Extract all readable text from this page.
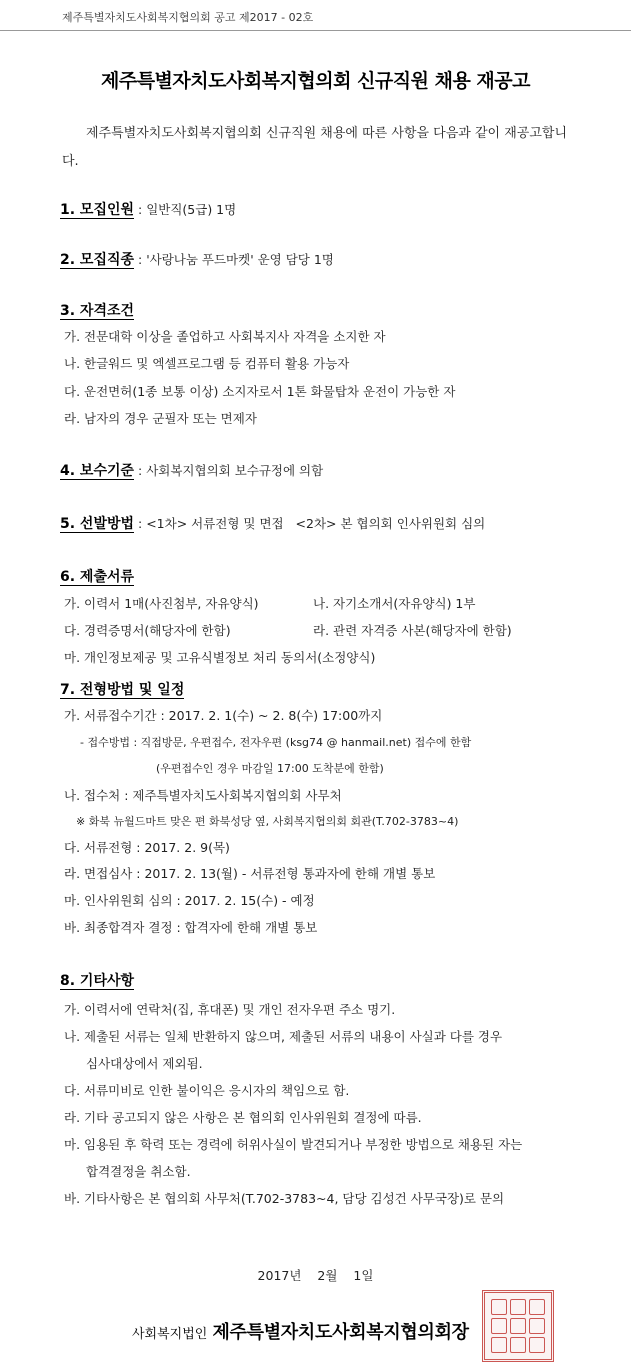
제주특별자치도사회복지협의회 공고 제2017 - 02호
제주특별자치도사회복지협의회 신규직원 채용 재공고
제주특별자치도사회복지협의회 신규직원 채용에 따른 사항을 다음과 같이 재공고합니다.
1. 모집인원 : 일반직(5급) 1명
2. 모집직종 : '사랑나눔 푸드마켓' 운영 담당 1명
3. 자격조건
가. 전문대학 이상을 졸업하고 사회복지사 자격을 소지한 자
나. 한글워드 및 엑셀프로그램 등 컴퓨터 활용 가능자
다. 운전면허(1종 보통 이상) 소지자로서 1톤 화물탑차 운전이 가능한 자
라. 남자의 경우 군필자 또는 면제자
4. 보수기준 : 사회복지협의회 보수규정에 의함
5. 선발방법 : <1차> 서류전형 및 면접   <2차> 본 협의회 인사위원회 심의
6. 제출서류
가. 이력서 1매(사진첨부, 자유양식)	나. 자기소개서(자유양식) 1부
다. 경력증명서(해당자에 한함)	라. 관련 자격증 사본(해당자에 한함)
마. 개인정보제공 및 고유식별정보 처리 동의서(소정양식)
7. 전형방법 및 일정
가. 서류접수기간 : 2017. 2. 1(수) ~ 2. 8(수) 17:00까지
- 접수방법 : 직접방문, 우편접수, 전자우편 (ksg74 @ hanmail.net) 접수에 한함
(우편접수인 경우 마감일 17:00 도착분에 한함)
나. 접수처 : 제주특별자치도사회복지협의회 사무처
※ 화북 뉴월드마트 맞은 편 화북성당 옆, 사회복지협의회 회관(T.702-3783~4)
다. 서류전형 : 2017. 2. 9(목)
라. 면접심사 : 2017. 2. 13(월) - 서류전형 통과자에 한해 개별 통보
마. 인사위원회 심의 : 2017. 2. 15(수) - 예정
바. 최종합격자 결정 : 합격자에 한해 개별 통보
8. 기타사항
가. 이력서에 연락처(집, 휴대폰) 및 개인 전자우편 주소 명기.
나. 제출된 서류는 일체 반환하지 않으며, 제출된 서류의 내용이 사실과 다를 경우
심사대상에서 제외됨.
다. 서류미비로 인한 불이익은 응시자의 책임으로 함.
라. 기타 공고되지 않은 사항은 본 협의회 인사위원회 결정에 따름.
마. 임용된 후 학력 또는 경력에 허위사실이 발견되거나 부정한 방법으로 채용된 자는
합격결정을 취소함.
바. 기타사항은 본 협의회 사무처(T.702-3783~4, 담당 김성건 사무국장)로 문의
2017년 2월 1일
사회복지법인 제주특별자치도사회복지협의회장
